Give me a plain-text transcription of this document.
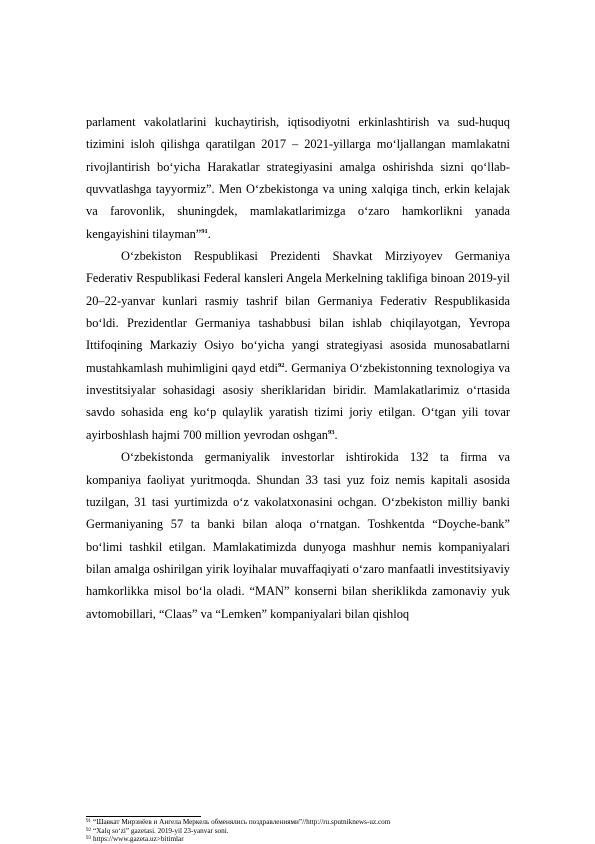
parlament vakolatlarini kuchaytirish, iqtisodiyotni erkinlashtirish va sud-huquq tizimini isloh qilishga qaratilgan 2017 – 2021-yillarga mo‘ljallangan mamlakatni rivojlantirish bo‘yicha Harakatlar strategiyasini amalga oshirishda sizni qo‘llab-quvvatlashga tayyormiz”. Men O‘zbekistonga va uning xalqiga tinch, erkin kelajak va farovonlik, shuningdek, mamlakatlarimizga o‘zaro hamkorlikni yanada kengayishini tilayman”$^{91}$.

O‘zbekiston Respublikasi Prezidenti Shavkat Mirziyoyev Germaniya Federativ Respublikasi Federal kansleri Angela Merkelning taklifiga binoan 2019-yil 20–22-yanvar kunlari rasmiy tashrif bilan Germaniya Federativ Respublikasida bo‘ldi. Prezidentlar Germaniya tashabbusi bilan ishlab chiqilayotgan, Yevropa Ittifoqining Markaziy Osiyo bo‘yicha yangi strategiyasi asosida munosabatlarni mustahkamlash muhimligini qayd etdi$^{92}$. Germaniya O‘zbekistonning texnologiya va investitsiyalar sohasidagi asosiy sheriklaridan biridir. Mamlakatlarimiz o‘rtasida savdo sohasida eng ko‘p qulaylik yaratish tizimi joriy etilgan. O‘tgan yili tovar ayirboshlash hajmi 700 million yevrodan oshgan$^{93}$.

O‘zbekistonda germaniyalik investorlar ishtirokida 132 ta firma va kompaniya faoliyat yuritmoqda. Shundan 33 tasi yuz foiz nemis kapitali asosida tuzilgan, 31 tasi yurtimizda o‘z vakolatxonasini ochgan. O‘zbekiston milliy banki Germaniyaning 57 ta banki bilan aloqa o‘rnatgan. Toshkentda “Doyche-bank” bo‘limi tashkil etilgan. Mamlakatimizda dunyoga mashhur nemis kompaniyalari bilan amalga oshirilgan yirik loyihalar muvaffaqiyati o‘zaro manfaatli investitsiyaviy hamkorlikka misol bo‘la oladi. “MAN” konserni bilan sheriklikda zamonaviy yuk avtomobillari, “Claas” va “Lemken” kompaniyalari bilan qishloq

$^{91}$ “Шавкат Мирзиёев и Ангела Меркель обменялись поздравлениями”//http://ru.sputniknews-uz.com
$^{92}$ “Xalq so‘zi” gazetasi. 2019-yil 23-yanvar soni.
$^{93}$ https://www.gazeta.uz>bitimlar
